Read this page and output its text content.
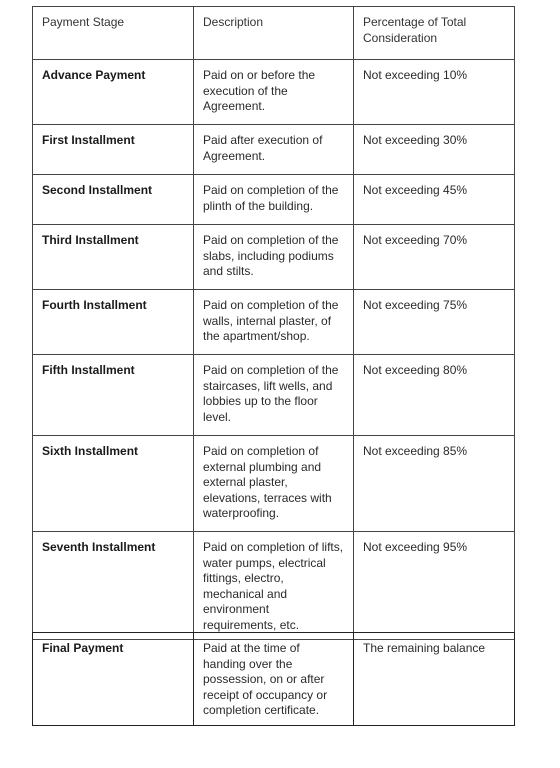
Payment Stage	Description	Percentage of Total Consideration
Advance Payment	Paid on or before the execution of the Agreement.	Not exceeding 10%
First Installment	Paid after execution of Agreement.	Not exceeding 30%
Second Installment	Paid on completion of the plinth of the building.	Not exceeding 45%
Third Installment	Paid on completion of the slabs, including podiums and stilts.	Not exceeding 70%
Fourth Installment	Paid on completion of the walls, internal plaster, of the apartment/shop.	Not exceeding 75%
Fifth Installment	Paid on completion of the staircases, lift wells, and lobbies up to the floor level.	Not exceeding 80%
Sixth Installment	Paid on completion of external plumbing and external plaster, elevations, terraces with waterproofing.	Not exceeding 85%
Seventh Installment	Paid on completion of lifts, water pumps, electrical fittings, electro, mechanical and environment requirements, etc.	Not exceeding 95%
Final Payment	Paid at the time of handing over the possession, on or after receipt of occupancy or completion certificate.	The remaining balance
